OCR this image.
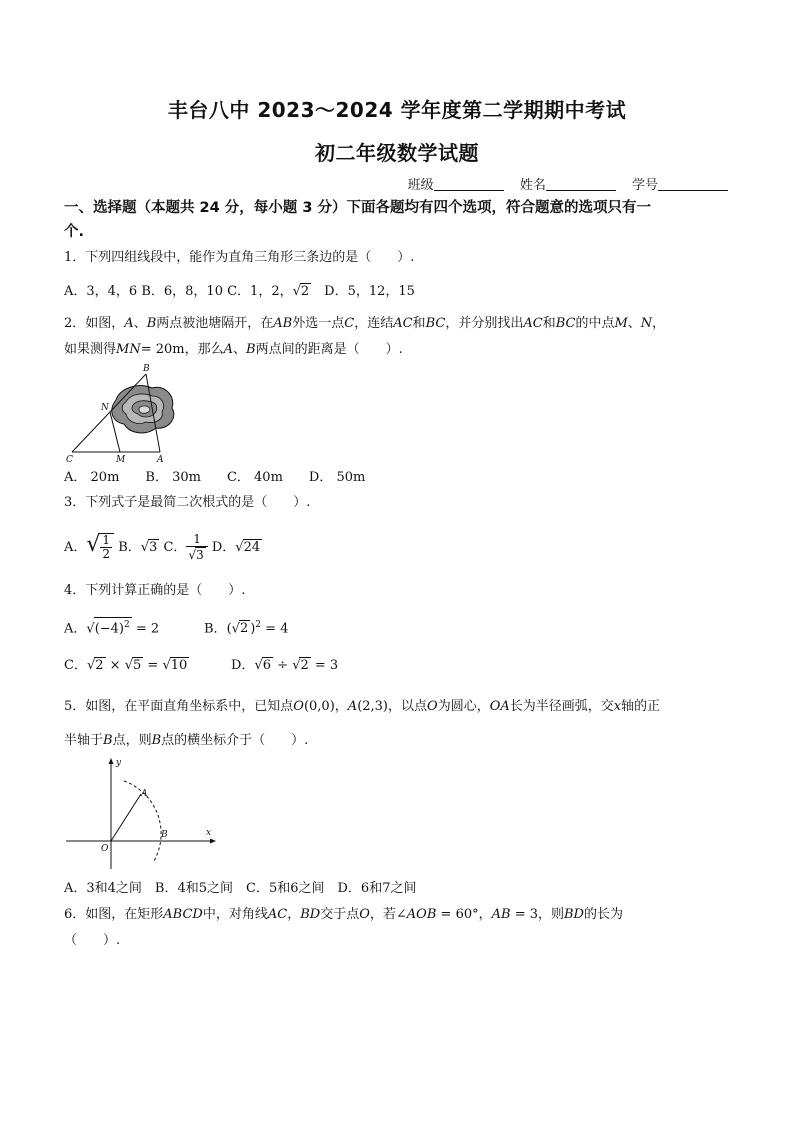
丰台八中 2023～2024 学年度第二学期期中考试
初二年级数学试题
班级	姓名	学号
一、选择题（本题共 24 分，每小题 3 分）下面各题均有四个选项，符合题意的选项只有一
个.
1．下列四组线段中，能作为直角三角形三条边的是（　　）.
A．3，4，6 B．6，8，10 C．1，2，√2　D．5，12，15
2．如图，A、B两点被池塘隔开，在AB外选一点C，连结AC和BC，并分别找出AC和BC的中点M、N，
如果测得MN= 20m，那么A、B两点间的距离是（　　）.
B
N
C	M	A
A． 20m　　B． 30m　　C． 40m　　D． 50m
3．下列式子是最简二次根式的是（　　）.
A．√ $\frac{1}{2}$ B．√3 C． $\frac{1}{√3}$ D．√24
4．下列计算正确的是（　　）.
A．$√(-4)^2 = 2$	B．(√2 )$^2$ = 4
C．√2 × √5 = √10	D．√6 ÷ √2 = 3
5．如图，在平面直角坐标系中，已知点O(0,0)，A(2,3)，以点O为圆心，OA长为半径画弧，交x轴的正
半轴于B点，则B点的横坐标介于（　　）.
y
A
B	x
O
A．3和4之间　B．4和5之间　C．5和6之间　D．6和7之间
6．如图，在矩形ABCD中，对角线AC，BD交于点O，若∠AOB = 60°，AB = 3，则BD的长为
（　　）.
